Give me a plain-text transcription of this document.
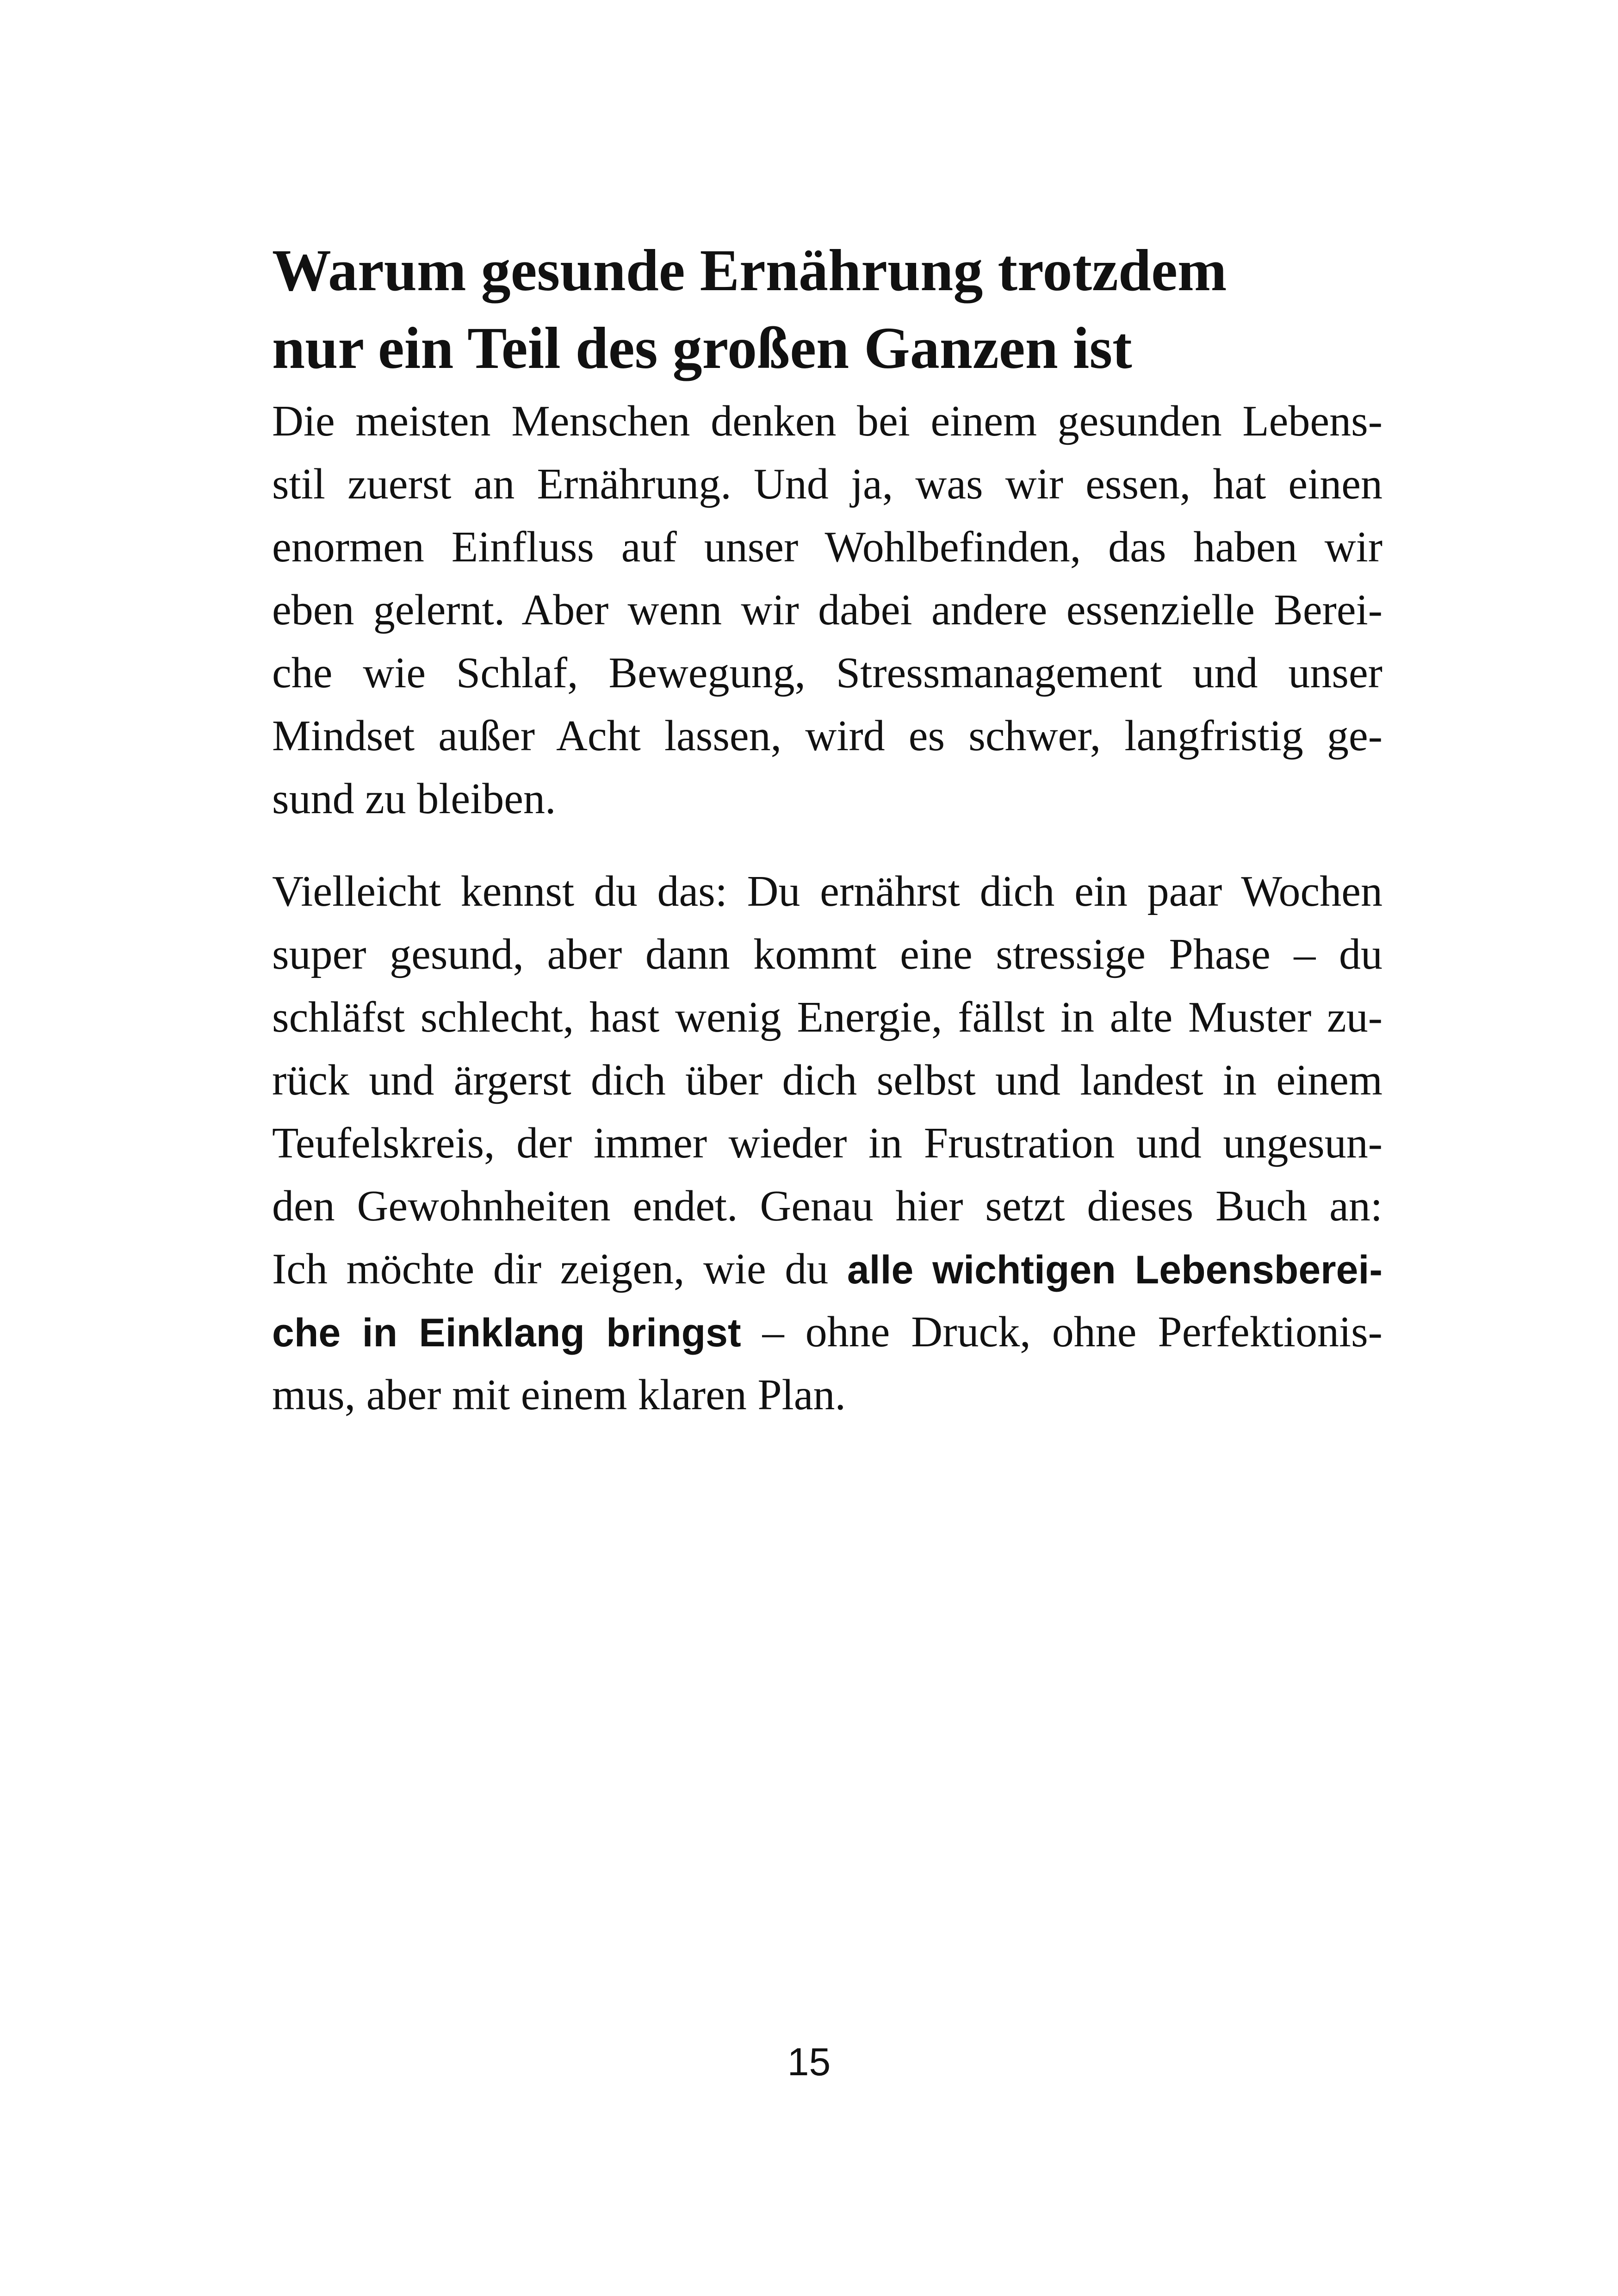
Warum gesunde Ernährung trotzdem
nur ein Teil des großen Ganzen ist

Die meisten Menschen denken bei einem gesunden Lebens-
stil zuerst an Ernährung. Und ja, was wir essen, hat einen
enormen Einfluss auf unser Wohlbefinden, das haben wir
eben gelernt. Aber wenn wir dabei andere essenzielle Berei-
che wie Schlaf, Bewegung, Stressmanagement und unser
Mindset außer Acht lassen, wird es schwer, langfristig ge-
sund zu bleiben.

Vielleicht kennst du das: Du ernährst dich ein paar Wochen
super gesund, aber dann kommt eine stressige Phase – du
schläfst schlecht, hast wenig Energie, fällst in alte Muster zu-
rück und ärgerst dich über dich selbst und landest in einem
Teufelskreis, der immer wieder in Frustration und ungesun-
den Gewohnheiten endet. Genau hier setzt dieses Buch an:
Ich möchte dir zeigen, wie du alle wichtigen Lebensberei-
che in Einklang bringst – ohne Druck, ohne Perfektionis-
mus, aber mit einem klaren Plan.

15
